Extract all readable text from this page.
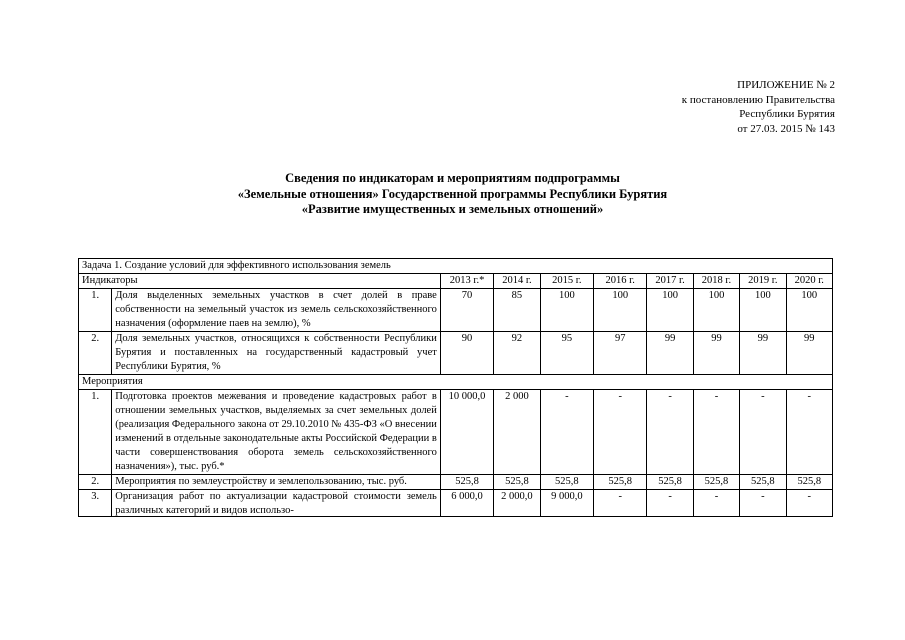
ПРИЛОЖЕНИЕ № 2
к постановлению Правительства
Республики Бурятия
от 27.03. 2015 № 143
Сведения по индикаторам и мероприятиям подпрограммы
«Земельные отношения» Государственной программы Республики Бурятия
«Развитие имущественных и земельных отношений»
Задача 1. Создание условий для эффективного использования земель									
Индикаторы		2013 г.*	2014 г.	2015 г.	2016 г.	2017 г.	2018 г.	2019 г.	2020 г.
1.	Доля выделенных земельных участков в счет долей в праве собственности на земельный участок из земель сельскохозяйственного назначения (оформление паев на землю), %	70	85	100	100	100	100	100	100
2.	Доля земельных участков, относящихся к собственности Республики Бурятия и поставленных на государственный кадастровый учет Республики Бурятия, %	90	92	95	97	99	99	99	99
Мероприятия									
1.	Подготовка проектов межевания и проведение кадастровых работ в отношении земельных участков, выделяемых за счет земельных долей (реализация Федерального закона от 29.10.2010 № 435-ФЗ «О внесении изменений в отдельные законодательные акты Российской Федерации в части совершенствования оборота земель сельскохозяйственного назначения»), тыс. руб.*	10 000,0	2 000	-	-	-	-	-	-
2.	Мероприятия по землеустройству и землепользованию, тыс. руб.	525,8	525,8	525,8	525,8	525,8	525,8	525,8	525,8
3.	Организация работ по актуализации кадастровой стоимости земель различных категорий и видов использо-	6 000,0	2 000,0	9 000,0	-	-	-	-	-
